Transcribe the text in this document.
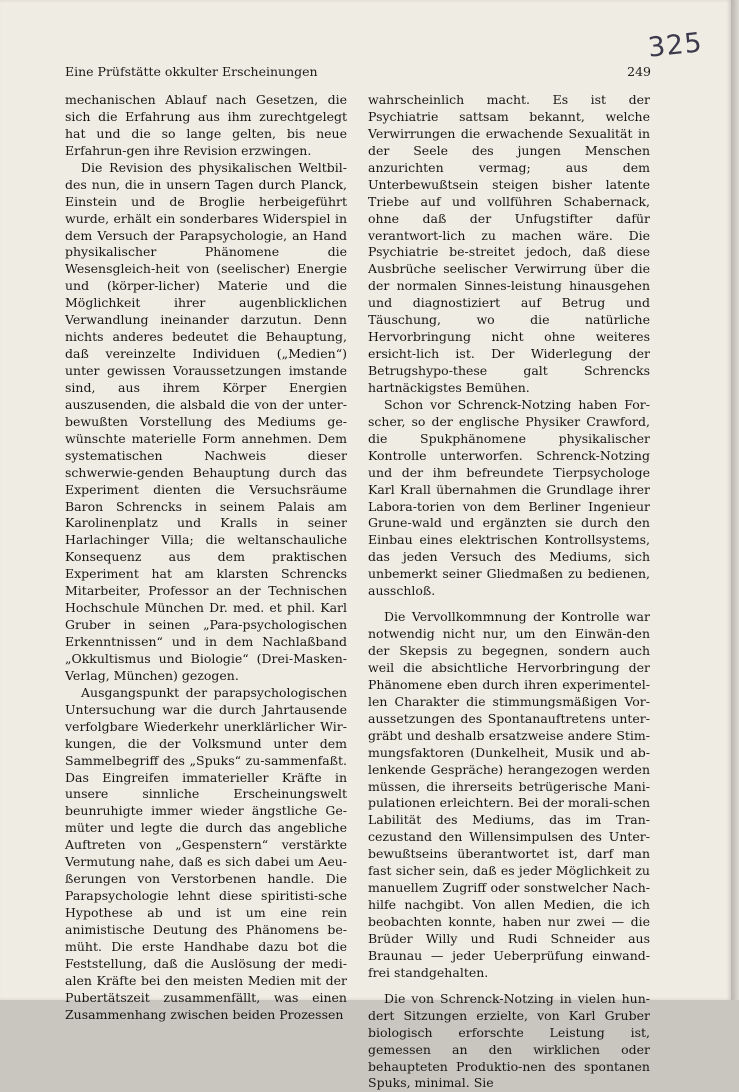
Eine Prüfstätte okkulter Erscheinungen	249
325

mechanischen Ablauf nach Gesetzen, die sich die Erfahrung aus ihm zurechtgelegt hat und die so lange gelten, bis neue Erfahrun-​gen ihre Revision erzwingen.

Die Revision des physikalischen Weltbil-​des nun, die in unsern Tagen durch Planck, Einstein und de Broglie herbeigeführt wurde, erhält ein sonderbares Widerspiel in dem Versuch der Parapsychologie, an Hand physikalischer Phänomene die Wesensgleich-​heit von (seelischer) Energie und (körper-​licher) Materie und die Möglichkeit ihrer augenblicklichen Verwandlung ineinander darzutun. Denn nichts anderes bedeutet die Behauptung, daß vereinzelte Individuen („Medien“) unter gewissen Voraussetzungen imstande sind, aus ihrem Körper Energien auszusenden, die alsbald die von der unter-​bewußten Vorstellung des Mediums ge-​wünschte materielle Form annehmen. Dem systematischen Nachweis dieser schwerwie-​genden Behauptung durch das Experiment dienten die Versuchsräume Baron Schrencks in seinem Palais am Karolinenplatz und Kralls in seiner Harlachinger Villa; die weltanschauliche Konsequenz aus dem praktischen Experiment hat am klarsten Schrencks Mitarbeiter, Professor an der Technischen Hochschule München Dr. med. et phil. Karl Gruber in seinen „Para-​psychologischen Erkenntnissen“ und in dem Nachlaßband „Okkultismus und Biologie“ (Drei-Masken-Verlag, München) gezogen.

Ausgangspunkt der parapsychologischen Untersuchung war die durch Jahrtausende verfolgbare Wiederkehr unerklärlicher Wir-​kungen, die der Volksmund unter dem Sammelbegriff des „Spuks“ zu-​sammenfaßt. Das Eingreifen immaterieller Kräfte in unsere sinnliche Erscheinungswelt beunruhigte immer wieder ängstliche Ge-​müter und legte die durch das angebliche Auftreten von „Gespenstern“ verstärkte Vermutung nahe, daß es sich dabei um Aeu-​ßerungen von Verstorbenen handle. Die Parapsychologie lehnt diese spiritisti-​sche Hypothese ab und ist um eine rein animistische Deutung des Phänomens be-​müht. Die erste Handhabe dazu bot die Feststellung, daß die Auslösung der medi-​alen Kräfte bei den meisten Medien mit der Pubertätszeit zusammenfällt, was einen Zusammenhang zwischen beiden Prozessen

wahrscheinlich macht. Es ist der Psychiatrie sattsam bekannt, welche Verwirrungen die erwachende Sexualität in der Seele des jungen Menschen anzurichten vermag; aus dem Unterbewußtsein steigen bisher latente Triebe auf und vollführen Schabernack, ohne daß der Unfugstifter dafür verantwort-​lich zu machen wäre. Die Psychiatrie be-​streitet jedoch, daß diese Ausbrüche seelischer Verwirrung über die der normalen Sinnes-​leistung hinausgehen und diagnostiziert auf Betrug und Täuschung, wo die natürliche Hervorbringung nicht ohne weiteres ersicht-​lich ist. Der Widerlegung der Betrugshypo-​these galt Schrencks hartnäckigstes Bemühen.

Schon vor Schrenck-Notzing haben For-​scher, so der englische Physiker Crawford, die Spukphänomene physikalischer Kontrolle unterworfen. Schrenck-Notzing und der ihm befreundete Tierpsychologe Karl Krall übernahmen die Grundlage ihrer Labora-​torien von dem Berliner Ingenieur Grune-​wald und ergänzten sie durch den Einbau eines elektrischen Kontrollsystems, das jeden Versuch des Mediums, sich unbemerkt seiner Gliedmaßen zu bedienen, ausschloß.

Die Vervollkommnung der Kontrolle war notwendig nicht nur, um den Einwän-​den der Skepsis zu begegnen, sondern auch weil die absichtliche Hervorbringung der Phänomene eben durch ihren experimentel-​len Charakter die stimmungsmäßigen Vor-​aussetzungen des Spontanauftretens unter-​gräbt und deshalb ersatzweise andere Stim-​mungsfaktoren (Dunkelheit, Musik und ab-​lenkende Gespräche) herangezogen werden müssen, die ihrerseits betrügerische Mani-​pulationen erleichtern. Bei der morali-​schen Labilität des Mediums, das im Tran-​cezustand den Willensimpulsen des Unter-​bewußtseins überantwortet ist, darf man fast sicher sein, daß es jeder Möglichkeit zu manuellem Zugriff oder sonstwelcher Nach-​hilfe nachgibt. Von allen Medien, die ich beobachten konnte, haben nur zwei — die Brüder Willy und Rudi Schneider aus Braunau — jeder Ueberprüfung einwand-​frei standgehalten.

Die von Schrenck-Notzing in vielen hun-​dert Sitzungen erzielte, von Karl Gruber biologisch erforschte Leistung ist, gemessen an den wirklichen oder behaupteten Produktio-​nen des spontanen Spuks, minimal. Sie
